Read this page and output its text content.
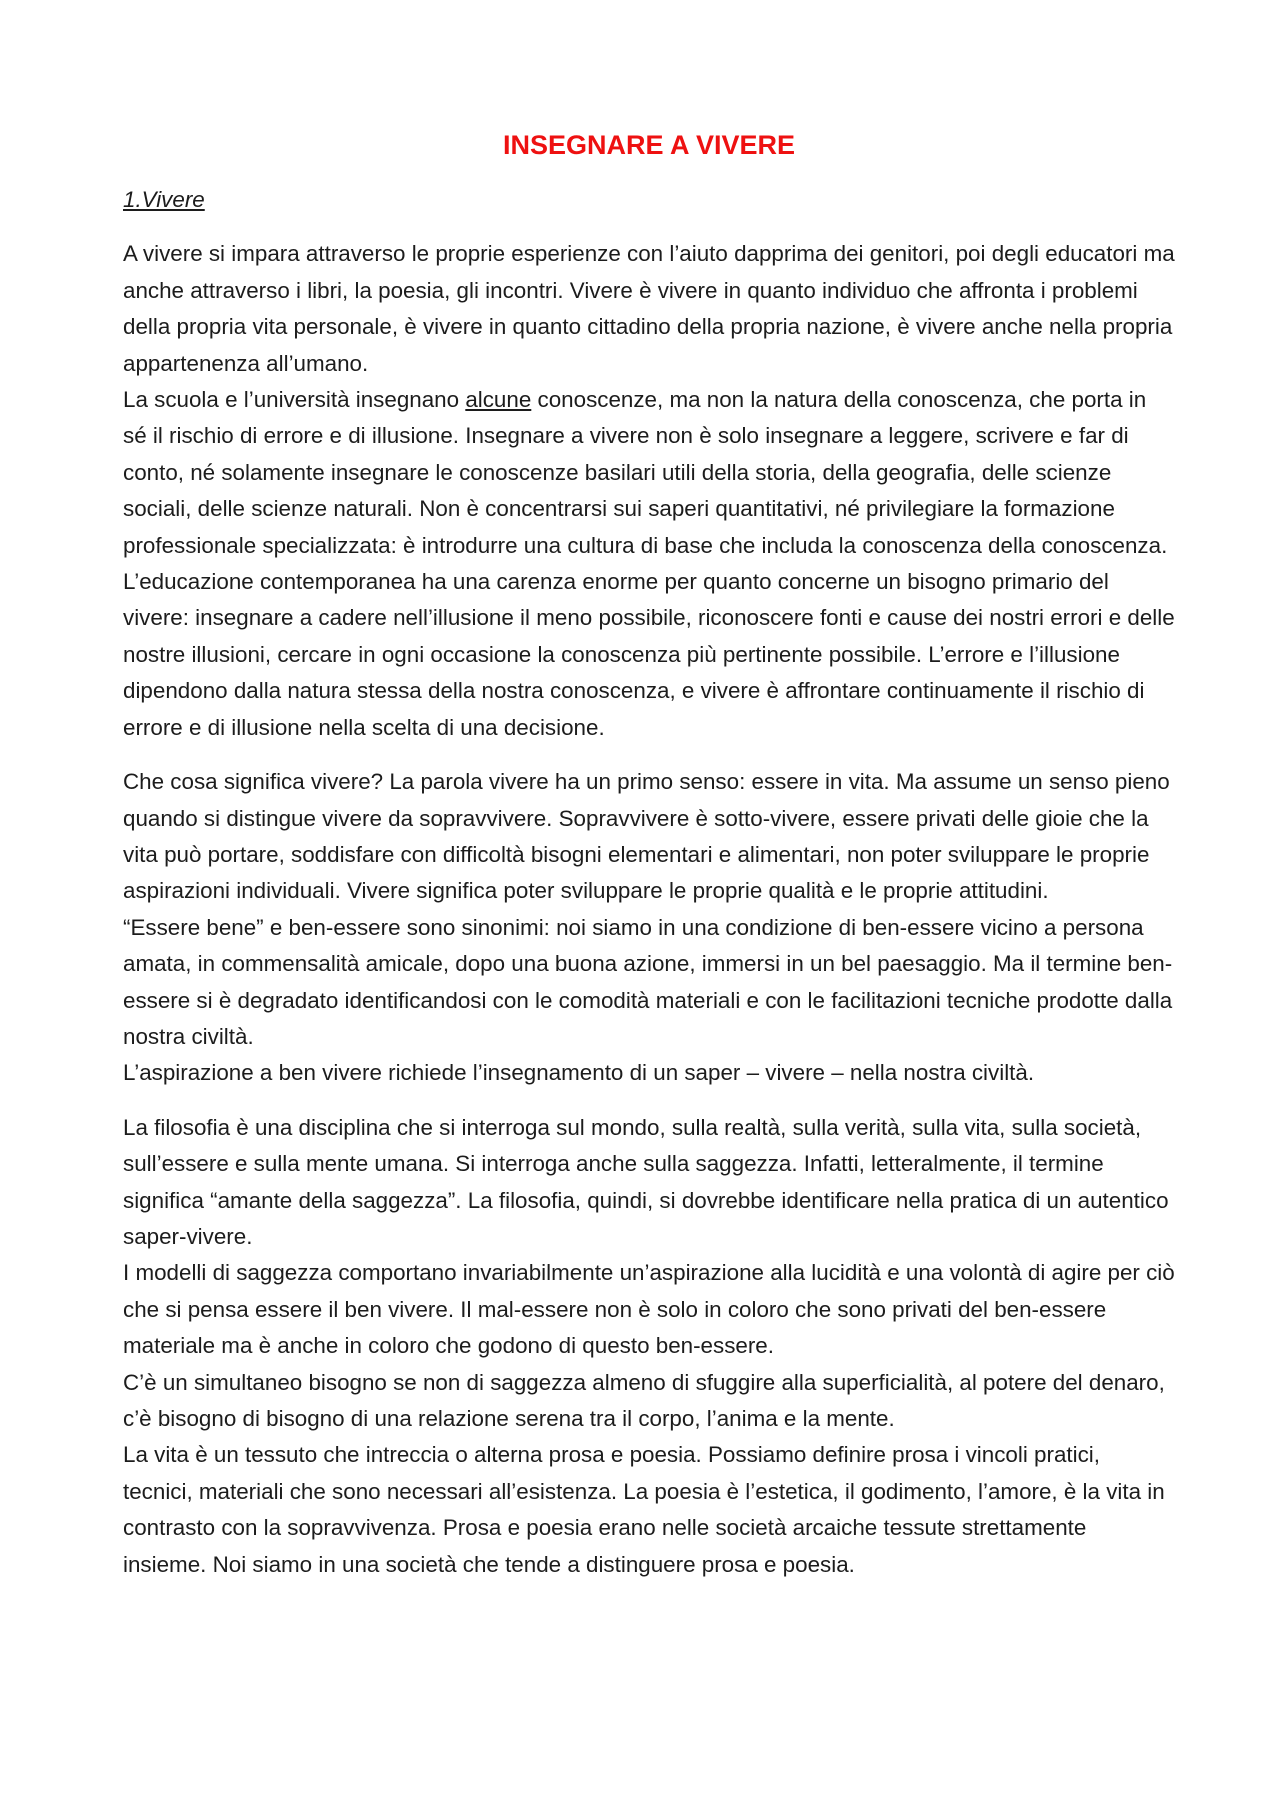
INSEGNARE A VIVERE
1.Vivere

A vivere si impara attraverso le proprie esperienze con l’aiuto dapprima dei genitori, poi degli educatori ma anche attraverso i libri, la poesia, gli incontri. Vivere è vivere in quanto individuo che affronta i problemi della propria vita personale, è vivere in quanto cittadino della propria nazione, è vivere anche nella propria appartenenza all’umano.

La scuola e l’università insegnano alcune conoscenze, ma non la natura della conoscenza, che porta in sé il rischio di errore e di illusione. Insegnare a vivere non è solo insegnare a leggere, scrivere e far di conto, né solamente insegnare le conoscenze basilari utili della storia, della geografia, delle scienze sociali, delle scienze naturali. Non è concentrarsi sui saperi quantitativi, né privilegiare la formazione professionale specializzata: è introdurre una cultura di base che includa la conoscenza della conoscenza. L’educazione contemporanea ha una carenza enorme per quanto concerne un bisogno primario del vivere: insegnare a cadere nell’illusione il meno possibile, riconoscere fonti e cause dei nostri errori e delle nostre illusioni, cercare in ogni occasione la conoscenza più pertinente possibile. L’errore e l’illusione dipendono dalla natura stessa della nostra conoscenza, e vivere è affrontare continuamente il rischio di errore e di illusione nella scelta di una decisione.

Che cosa significa vivere? La parola vivere ha un primo senso: essere in vita. Ma assume un senso pieno quando si distingue vivere da sopravvivere. Sopravvivere è sotto-vivere, essere privati delle gioie che la vita può portare, soddisfare con difficoltà bisogni elementari e alimentari, non poter sviluppare le proprie aspirazioni individuali. Vivere significa poter sviluppare le proprie qualità e le proprie attitudini.

“Essere bene” e ben-essere sono sinonimi: noi siamo in una condizione di ben-essere vicino a persona amata, in commensalità amicale, dopo una buona azione, immersi in un bel paesaggio. Ma il termine ben-essere si è degradato identificandosi con le comodità materiali e con le facilitazioni tecniche prodotte dalla nostra civiltà.

L’aspirazione a ben vivere richiede l’insegnamento di un saper – vivere – nella nostra civiltà.

La filosofia è una disciplina che si interroga sul mondo, sulla realtà, sulla verità, sulla vita, sulla società, sull’essere e sulla mente umana. Si interroga anche sulla saggezza. Infatti, letteralmente, il termine significa “amante della saggezza”. La filosofia, quindi, si dovrebbe identificare nella pratica di un autentico saper-vivere.

I modelli di saggezza comportano invariabilmente un’aspirazione alla lucidità e una volontà di agire per ciò che si pensa essere il ben vivere. Il mal-essere non è solo in coloro che sono privati del ben-essere materiale ma è anche in coloro che godono di questo ben-essere.

C’è un simultaneo bisogno se non di saggezza almeno di sfuggire alla superficialità, al potere del denaro, c’è bisogno di bisogno di una relazione serena tra il corpo, l’anima e la mente.

La vita è un tessuto che intreccia o alterna prosa e poesia. Possiamo definire prosa i vincoli pratici, tecnici, materiali che sono necessari all’esistenza. La poesia è l’estetica, il godimento, l’amore, è la vita in contrasto con la sopravvivenza. Prosa e poesia erano nelle società arcaiche tessute strettamente insieme. Noi siamo in una società che tende a distinguere prosa e poesia.
